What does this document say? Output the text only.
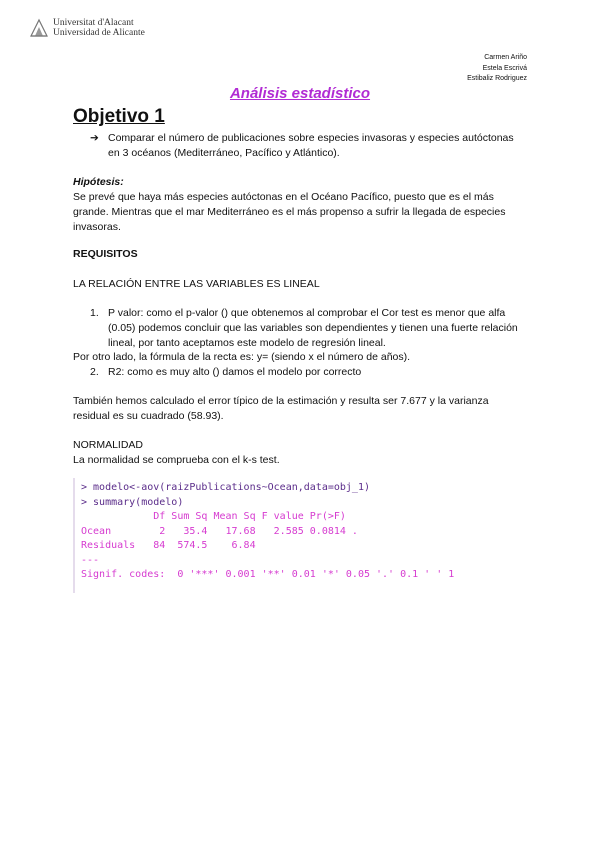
Universitat d'Alacant
Universidad de Alicante
Carmen Ariño
Estela Escrivá
Estibaliz Rodriguez
Análisis estadístico
Objetivo 1
➔ Comparar el número de publicaciones sobre especies invasoras y especies autóctonas en 3 océanos (Mediterráneo, Pacífico y Atlántico).
Hipótesis:
Se prevé que haya más especies autóctonas en el Océano Pacífico, puesto que es el más grande. Mientras que el mar Mediterráneo es el más propenso a sufrir la llegada de especies invasoras.
REQUISITOS
LA RELACIÓN ENTRE LAS VARIABLES ES LINEAL
1. P valor: como el p-valor () que obtenemos al comprobar el Cor test es menor que alfa (0.05) podemos concluir que las variables son dependientes y tienen una fuerte relación lineal, por tanto aceptamos este modelo de regresión lineal.
Por otro lado, la fórmula de la recta es: y= (siendo x el número de años).
2. R2: como es muy alto () damos el modelo por correcto
También hemos calculado el error típico de la estimación y resulta ser 7.677 y la varianza residual es su cuadrado (58.93).
NORMALIDAD
La normalidad se comprueba con el k-s test.
> modelo<-aov(raizPublications~Ocean,data=obj_1)
> summary(modelo)
Df Sum Sq Mean Sq F value Pr(>F)
Ocean        2   35.4   17.68   2.585 0.0814 .
Residuals   84  574.5    6.84
---
Signif. codes:  0 '***' 0.001 '**' 0.01 '*' 0.05 '.' 0.1 ' ' 1
